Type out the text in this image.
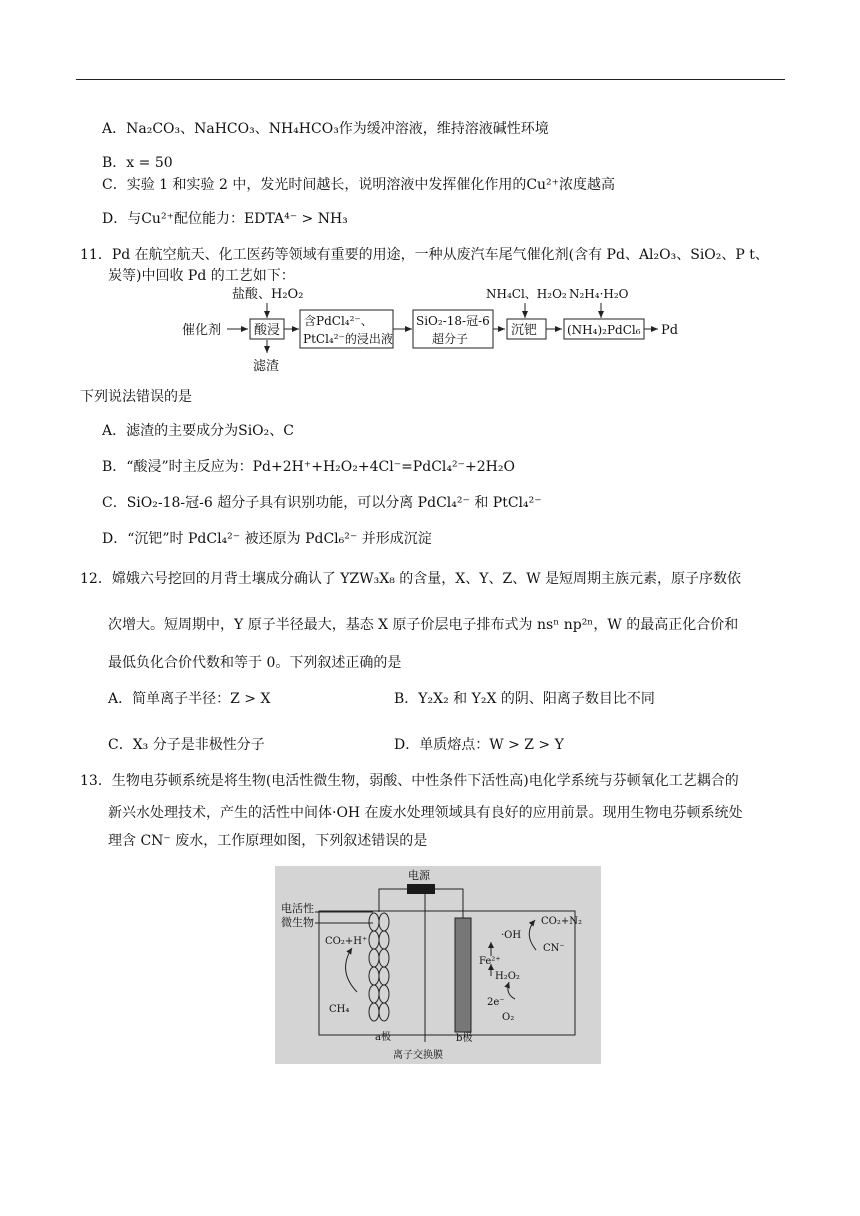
A．Na₂CO₃、NaHCO₃、NH₄HCO₃作为缓冲溶液，维持溶液碱性环境
B．x = 50
C．实验 1 和实验 2 中，发光时间越长，说明溶液中发挥催化作用的Cu²⁺浓度越高
D．与Cu²⁺配位能力：EDTA⁴⁻ > NH₃
11．Pd 在航空航天、化工医药等领域有重要的用途，一种从废汽车尾气催化剂(含有 Pd、Al₂O₃、SiO₂、P t、
炭等)中回收 Pd 的工艺如下：
催化剂
盐酸、H₂O₂
酸浸
滤渣
含PdCl₄²⁻、
PtCl₄²⁻的浸出液
SiO₂-18-冠-6
超分子
NH₄Cl、H₂O₂
沉钯
N₂H₄·H₂O
(NH₄)₂PdCl₆ Pd
下列说法错误的是
A．滤渣的主要成分为SiO₂、C
B．“酸浸”时主反应为：Pd+2H⁺+H₂O₂+4Cl⁻=PdCl₄²⁻+2H₂O
C．SiO₂-18-冠-6 超分子具有识别功能，可以分离 PdCl₄²⁻ 和 PtCl₄²⁻
D．“沉钯”时 PdCl₄²⁻ 被还原为 PdCl₆²⁻ 并形成沉淀
12．嫦娥六号挖回的月背土壤成分确认了 YZW₃X₈ 的含量，X、Y、Z、W 是短周期主族元素，原子序数依
次增大。短周期中，Y 原子半径最大，基态 X 原子价层电子排布式为 nsⁿ np²ⁿ，W 的最高正化合价和
最低负化合价代数和等于 0。下列叙述正确的是
A．简单离子半径：Z > X	B．Y₂X₂ 和 Y₂X 的阴、阳离子数目比不同
C．X₃ 分子是非极性分子	D．单质熔点：W > Z > Y
13．生物电芬顿系统是将生物(电活性微生物，弱酸、中性条件下活性高)电化学系统与芬顿氧化工艺耦合的
新兴水处理技术，产生的活性中间体·OH 在废水处理领域具有良好的应用前景。现用生物电芬顿系统处
理含 CN⁻ 废水，工作原理如图，下列叙述错误的是
电源
电活性
微生物
CO₂+H⁺
CH₄
a极	b极
离子交换膜
·OH
CO₂+N₂
CN⁻
Fe²⁺
H₂O₂
2e⁻
O₂
